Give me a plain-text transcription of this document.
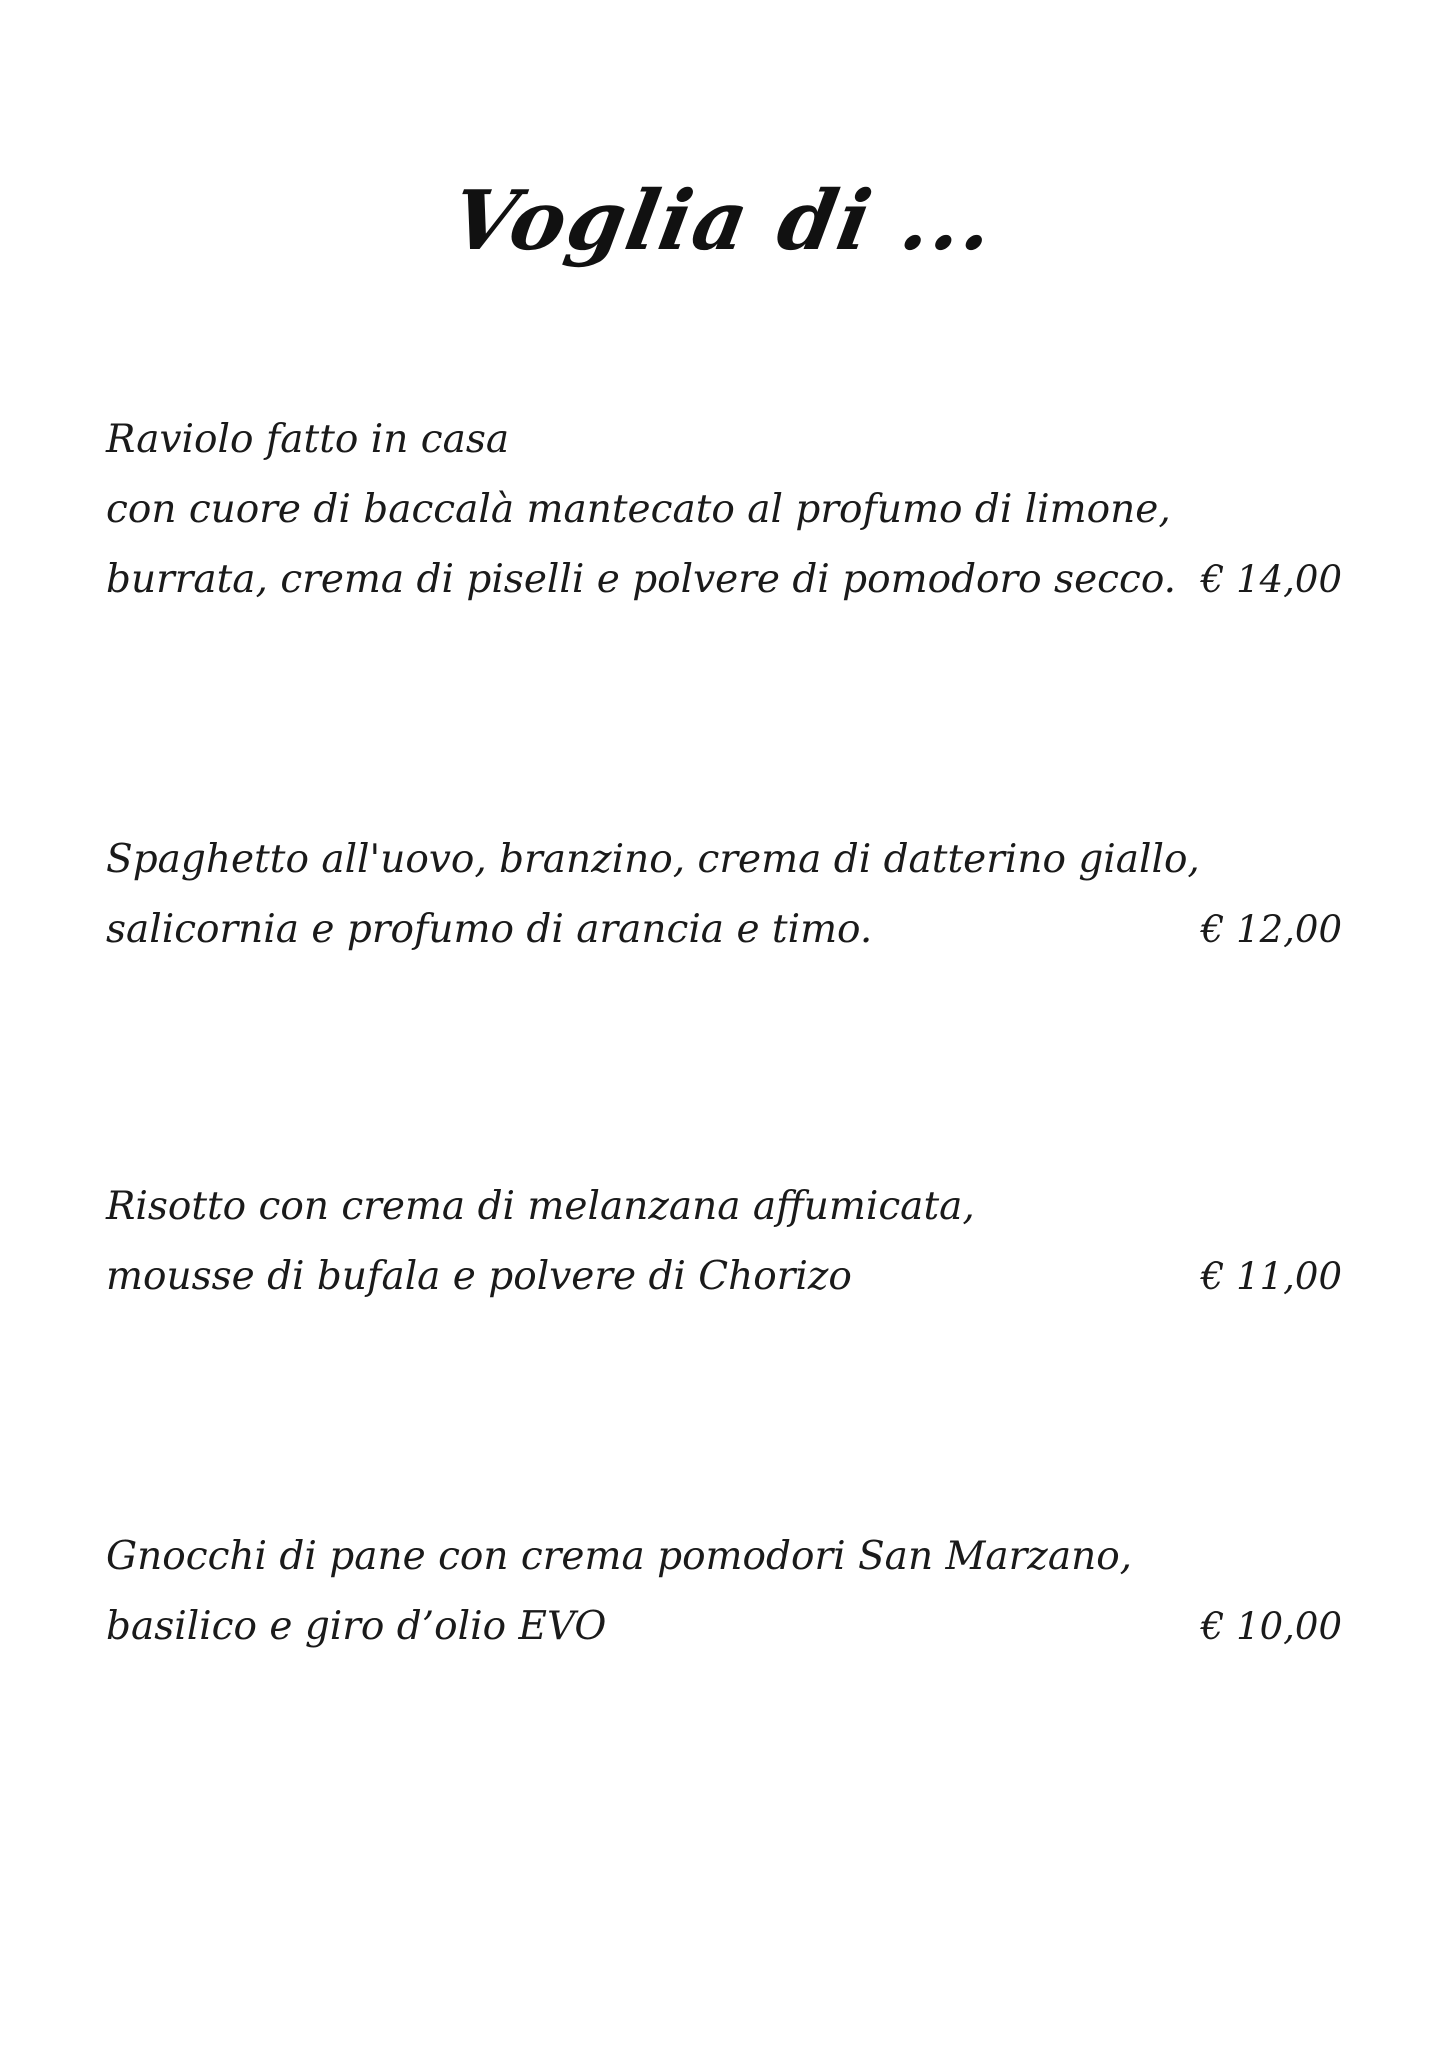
Voglia di ...
Raviolo fatto in casa
con cuore di baccalà mantecato al profumo di limone,
burrata, crema di piselli e polvere di pomodoro secco. € 14,00
Spaghetto all'uovo, branzino, crema di datterino giallo,
salicornia e profumo di arancia e timo.	€ 12,00
Risotto con crema di melanzana affumicata,
mousse di bufala e polvere di Chorizo	€ 11,00
Gnocchi di pane con crema pomodori San Marzano,
basilico e giro d’olio EVO	€ 10,00
